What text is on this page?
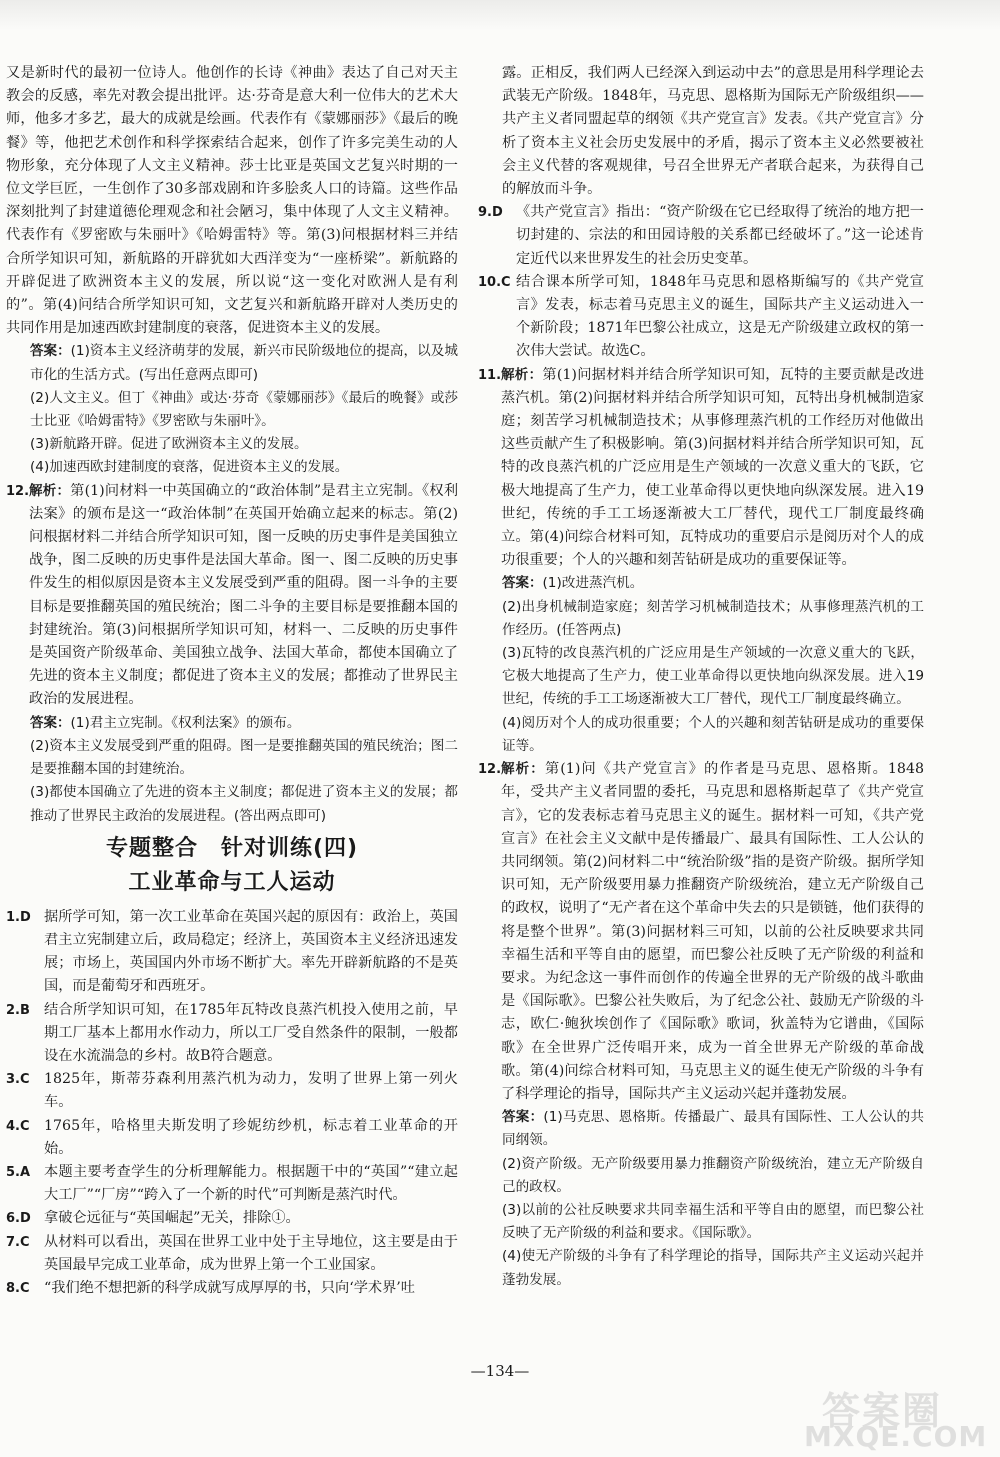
又是新时代的最初一位诗人。他创作的长诗《神曲》表达了自己对天主教会的反感，率先对教会提出批评。达·芬奇是意大利一位伟大的艺术大师，他多才多艺，最大的成就是绘画。代表作有《蒙娜丽莎》《最后的晚餐》等，他把艺术创作和科学探索结合起来，创作了许多完美生动的人物形象，充分体现了人文主义精神。莎士比亚是英国文艺复兴时期的一位文学巨匠，一生创作了30多部戏剧和许多脍炙人口的诗篇。这些作品深刻批判了封建道德伦理观念和社会陋习，集中体现了人文主义精神。代表作有《罗密欧与朱丽叶》《哈姆雷特》等。第(3)问根据材料三并结合所学知识可知，新航路的开辟犹如大西洋变为“一座桥梁”。新航路的开辟促进了欧洲资本主义的发展，所以说“这一变化对欧洲人是有利的”。第(4)问结合所学知识可知，文艺复兴和新航路开辟对人类历史的共同作用是加速西欧封建制度的衰落，促进资本主义的发展。

答案：(1)资本主义经济萌芽的发展，新兴市民阶级地位的提高，以及城市化的生活方式。(写出任意两点即可)

(2)人文主义。但丁《神曲》或达·芬奇《蒙娜丽莎》《最后的晚餐》或莎士比亚《哈姆雷特》《罗密欧与朱丽叶》。

(3)新航路开辟。促进了欧洲资本主义的发展。

(4)加速西欧封建制度的衰落，促进资本主义的发展。

12. 解析：第(1)问材料一中英国确立的“政治体制”是君主立宪制。《权利法案》的颁布是这一“政治体制”在英国开始确立起来的标志。第(2)问根据材料二并结合所学知识可知，图一反映的历史事件是美国独立战争，图二反映的历史事件是法国大革命。图一、图二反映的历史事件发生的相似原因是资本主义发展受到严重的阻碍。图一斗争的主要目标是要推翻英国的殖民统治；图二斗争的主要目标是要推翻本国的封建统治。第(3)问根据所学知识可知，材料一、二反映的历史事件是英国资产阶级革命、美国独立战争、法国大革命，都使本国确立了先进的资本主义制度；都促进了资本主义的发展；都推动了世界民主政治的发展进程。

答案：(1)君主立宪制。《权利法案》的颁布。

(2)资本主义发展受到严重的阻碍。图一是要推翻英国的殖民统治；图二是要推翻本国的封建统治。

(3)都使本国确立了先进的资本主义制度；都促进了资本主义的发展；都推动了世界民主政治的发展进程。(答出两点即可)

专题整合　针对训练(四)
工业革命与工人运动
1.D 据所学可知，第一次工业革命在英国兴起的原因有：政治上，英国君主立宪制建立后，政局稳定；经济上，英国资本主义经济迅速发展；市场上，英国国内外市场不断扩大。率先开辟新航路的不是英国，而是葡萄牙和西班牙。
2.B 结合所学知识可知，在1785年瓦特改良蒸汽机投入使用之前，早期工厂基本上都用水作动力，所以工厂受自然条件的限制，一般都设在水流湍急的乡村。故B符合题意。
3.C	1825年，斯蒂芬森利用蒸汽机为动力，发明了世界上第一列火车。
4.C	1765年，哈格里夫斯发明了珍妮纺纱机，标志着工业革命的开始。
5.A 本题主要考查学生的分析理解能力。根据题干中的“英国”“建立起大工厂”“厂房”“跨入了一个新的时代”可判断是蒸汽时代。
6.D 拿破仑远征与“英国崛起”无关，排除①。
7.C	从材料可以看出，英国在世界工业中处于主导地位，这主要是由于英国最早完成工业革命，成为世界上第一个工业国家。
8.C	“我们绝不想把新的科学成就写成厚厚的书，只向‘学术界’吐

露。正相反，我们两人已经深入到运动中去”的意思是用科学理论去武装无产阶级。1848年，马克思、恩格斯为国际无产阶级组织——共产主义者同盟起草的纲领《共产党宣言》发表。《共产党宣言》分析了资本主义社会历史发展中的矛盾，揭示了资本主义必然要被社会主义代替的客观规律，号召全世界无产者联合起来，为获得自己的解放而斗争。

9.D 《共产党宣言》指出：“资产阶级在它已经取得了统治的地方把一切封建的、宗法的和田园诗般的关系都已经破坏了。”这一论述肯定近代以来世界发生的社会历史变革。
10.C 结合课本所学可知，1848年马克思和恩格斯编写的《共产党宣言》发表，标志着马克思主义的诞生，国际共产主义运动进入一个新阶段；1871年巴黎公社成立，这是无产阶级建立政权的第一次伟大尝试。故选C。
11. 解析：第(1)问据材料并结合所学知识可知，瓦特的主要贡献是改进蒸汽机。第(2)问据材料并结合所学知识可知，瓦特出身机械制造家庭；刻苦学习机械制造技术；从事修理蒸汽机的工作经历对他做出这些贡献产生了积极影响。第(3)问据材料并结合所学知识可知，瓦特的改良蒸汽机的广泛应用是生产领域的一次意义重大的飞跃，它极大地提高了生产力，使工业革命得以更快地向纵深发展。进入19世纪，传统的手工工场逐渐被大工厂替代，现代工厂制度最终确立。第(4)问综合材料可知，瓦特成功的重要启示是阅历对个人的成功很重要；个人的兴趣和刻苦钻研是成功的重要保证等。

答案：(1)改进蒸汽机。

(2)出身机械制造家庭；刻苦学习机械制造技术；从事修理蒸汽机的工作经历。(任答两点)

(3)瓦特的改良蒸汽机的广泛应用是生产领域的一次意义重大的飞跃，它极大地提高了生产力，使工业革命得以更快地向纵深发展。进入19世纪，传统的手工工场逐渐被大工厂替代，现代工厂制度最终确立。

(4)阅历对个人的成功很重要；个人的兴趣和刻苦钻研是成功的重要保证等。

12. 解析：第(1)问《共产党宣言》的作者是马克思、恩格斯。1848年，受共产主义者同盟的委托，马克思和恩格斯起草了《共产党宣言》，它的发表标志着马克思主义的诞生。据材料一可知，《共产党宣言》在社会主义文献中是传播最广、最具有国际性、工人公认的共同纲领。第(2)问材料二中“统治阶级”指的是资产阶级。据所学知识可知，无产阶级要用暴力推翻资产阶级统治，建立无产阶级自己的政权，说明了“无产者在这个革命中失去的只是锁链，他们获得的将是整个世界”。第(3)问据材料三可知，以前的公社反映要求共同幸福生活和平等自由的愿望，而巴黎公社反映了无产阶级的利益和要求。为纪念这一事件而创作的传遍全世界的无产阶级的战斗歌曲是《国际歌》。巴黎公社失败后，为了纪念公社、鼓励无产阶级的斗志，欧仁·鲍狄埃创作了《国际歌》歌词，狄盖特为它谱曲，《国际歌》在全世界广泛传唱开来，成为一首全世界无产阶级的革命战歌。第(4)问综合材料可知，马克思主义的诞生使无产阶级的斗争有了科学理论的指导，国际共产主义运动兴起并蓬勃发展。

答案：(1)马克思、恩格斯。传播最广、最具有国际性、工人公认的共同纲领。

(2)资产阶级。无产阶级要用暴力推翻资产阶级统治，建立无产阶级自己的政权。

(3)以前的公社反映要求共同幸福生活和平等自由的愿望，而巴黎公社反映了无产阶级的利益和要求。《国际歌》。

(4)使无产阶级的斗争有了科学理论的指导，国际共产主义运动兴起并蓬勃发展。

—134—
答案圈
MXQE.COM
